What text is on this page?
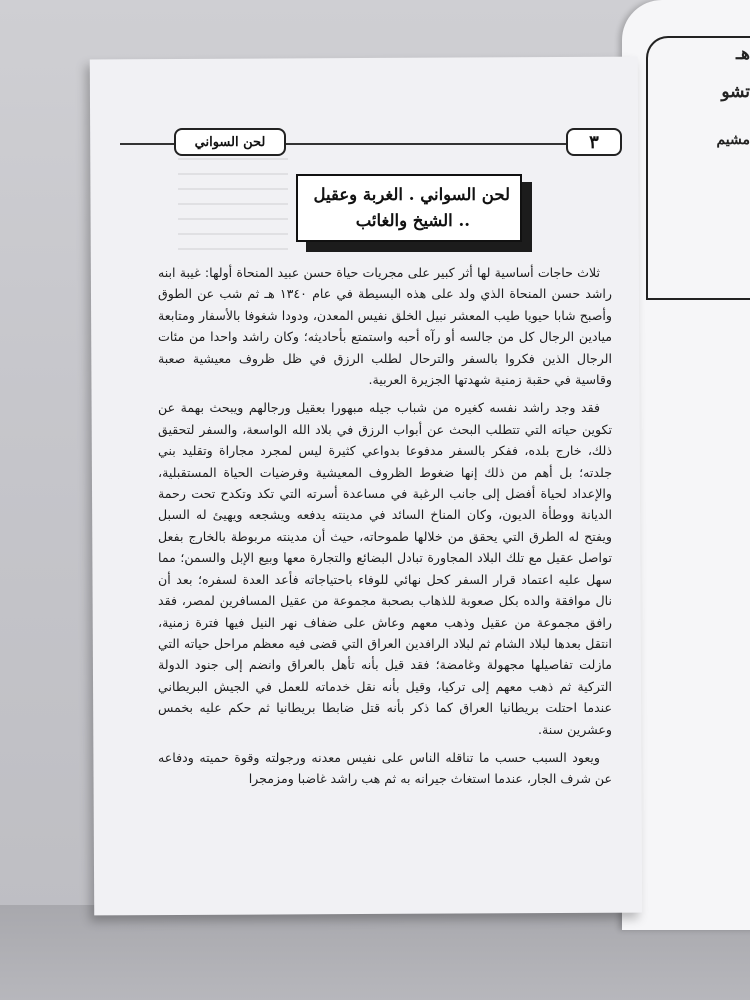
هـ
تشو
مشيم
لحن السواني	٣
لحن السواني . الغربة وعقيل
.. الشيخ والغائب

ثلاث حاجات أساسية لها أثر كبير على مجريات حياة حسن عبيد المنحاة أولها: غيبة ابنه راشد حسن المنحاة الذي ولد على هذه البسيطة في عام ١٣٤٠ هـ ثم شب عن الطوق وأصبح شابا حيويا طيب المعشر نبيل الخلق نفيس المعدن، ودودا شغوفا بالأسفار ومتابعة ميادين الرجال كل من جالسه أو رآه أحبه واستمتع بأحاديثه؛ وكان راشد واحدا من مئات الرجال الذين فكروا بالسفر والترحال لطلب الرزق في ظل ظروف معيشية صعبة وقاسية في حقبة زمنية شهدتها الجزيرة العربية.

فقد وجد راشد نفسه كغيره من شباب جيله مبهورا بعقيل ورجالهم ويبحث بهمة عن تكوين حياته التي تتطلب البحث عن أبواب الرزق في بلاد الله الواسعة، والسفر لتحقيق ذلك، خارج بلده، ففكر بالسفر مدفوعا بدواعي كثيرة ليس لمجرد مجاراة وتقليد بني جلدته؛ بل أهم من ذلك إنها ضغوط الظروف المعيشية وفرضيات الحياة المستقبلية، والإعداد لحياة أفضل إلى جانب الرغبة في مساعدة أسرته التي تكد وتكدح تحت رحمة الديانة ووطأة الديون، وكان المناخ السائد في مدينته يدفعه ويشجعه ويهيئ له السبل ويفتح له الطرق التي يحقق من خلالها طموحاته، حيث أن مدينته مربوطة بالخارج بفعل تواصل عقيل مع تلك البلاد المجاورة تبادل البضائع والتجارة معها وبيع الإبل والسمن؛ مما سهل عليه اعتماد قرار السفر كحل نهائي للوفاء باحتياجاته فأعد العدة لسفره؛ بعد أن نال موافقة والده بكل صعوبة للذهاب بصحبة مجموعة من عقيل المسافرين لمصر، فقد رافق مجموعة من عقيل وذهب معهم وعاش على ضفاف نهر النيل فيها فترة زمنية، انتقل بعدها لبلاد الشام ثم لبلاد الرافدين العراق التي قضى فيه معظم مراحل حياته التي مازلت تفاصيلها مجهولة وغامضة؛ فقد قيل بأنه تأهل بالعراق وانضم إلى جنود الدولة التركية ثم ذهب معهم إلى تركيا، وقيل بأنه نقل خدماته للعمل في الجيش البريطاني عندما احتلت بريطانيا العراق كما ذكر بأنه قتل ضابطا بريطانيا ثم حكم عليه بخمس وعشرين سنة.

ويعود السبب حسب ما تناقله الناس على نفيس معدنه ورجولته وقوة حميته ودفاعه عن شرف الجار، عندما استغاث جيرانه به ثم هب راشد غاضبا ومزمجرا
